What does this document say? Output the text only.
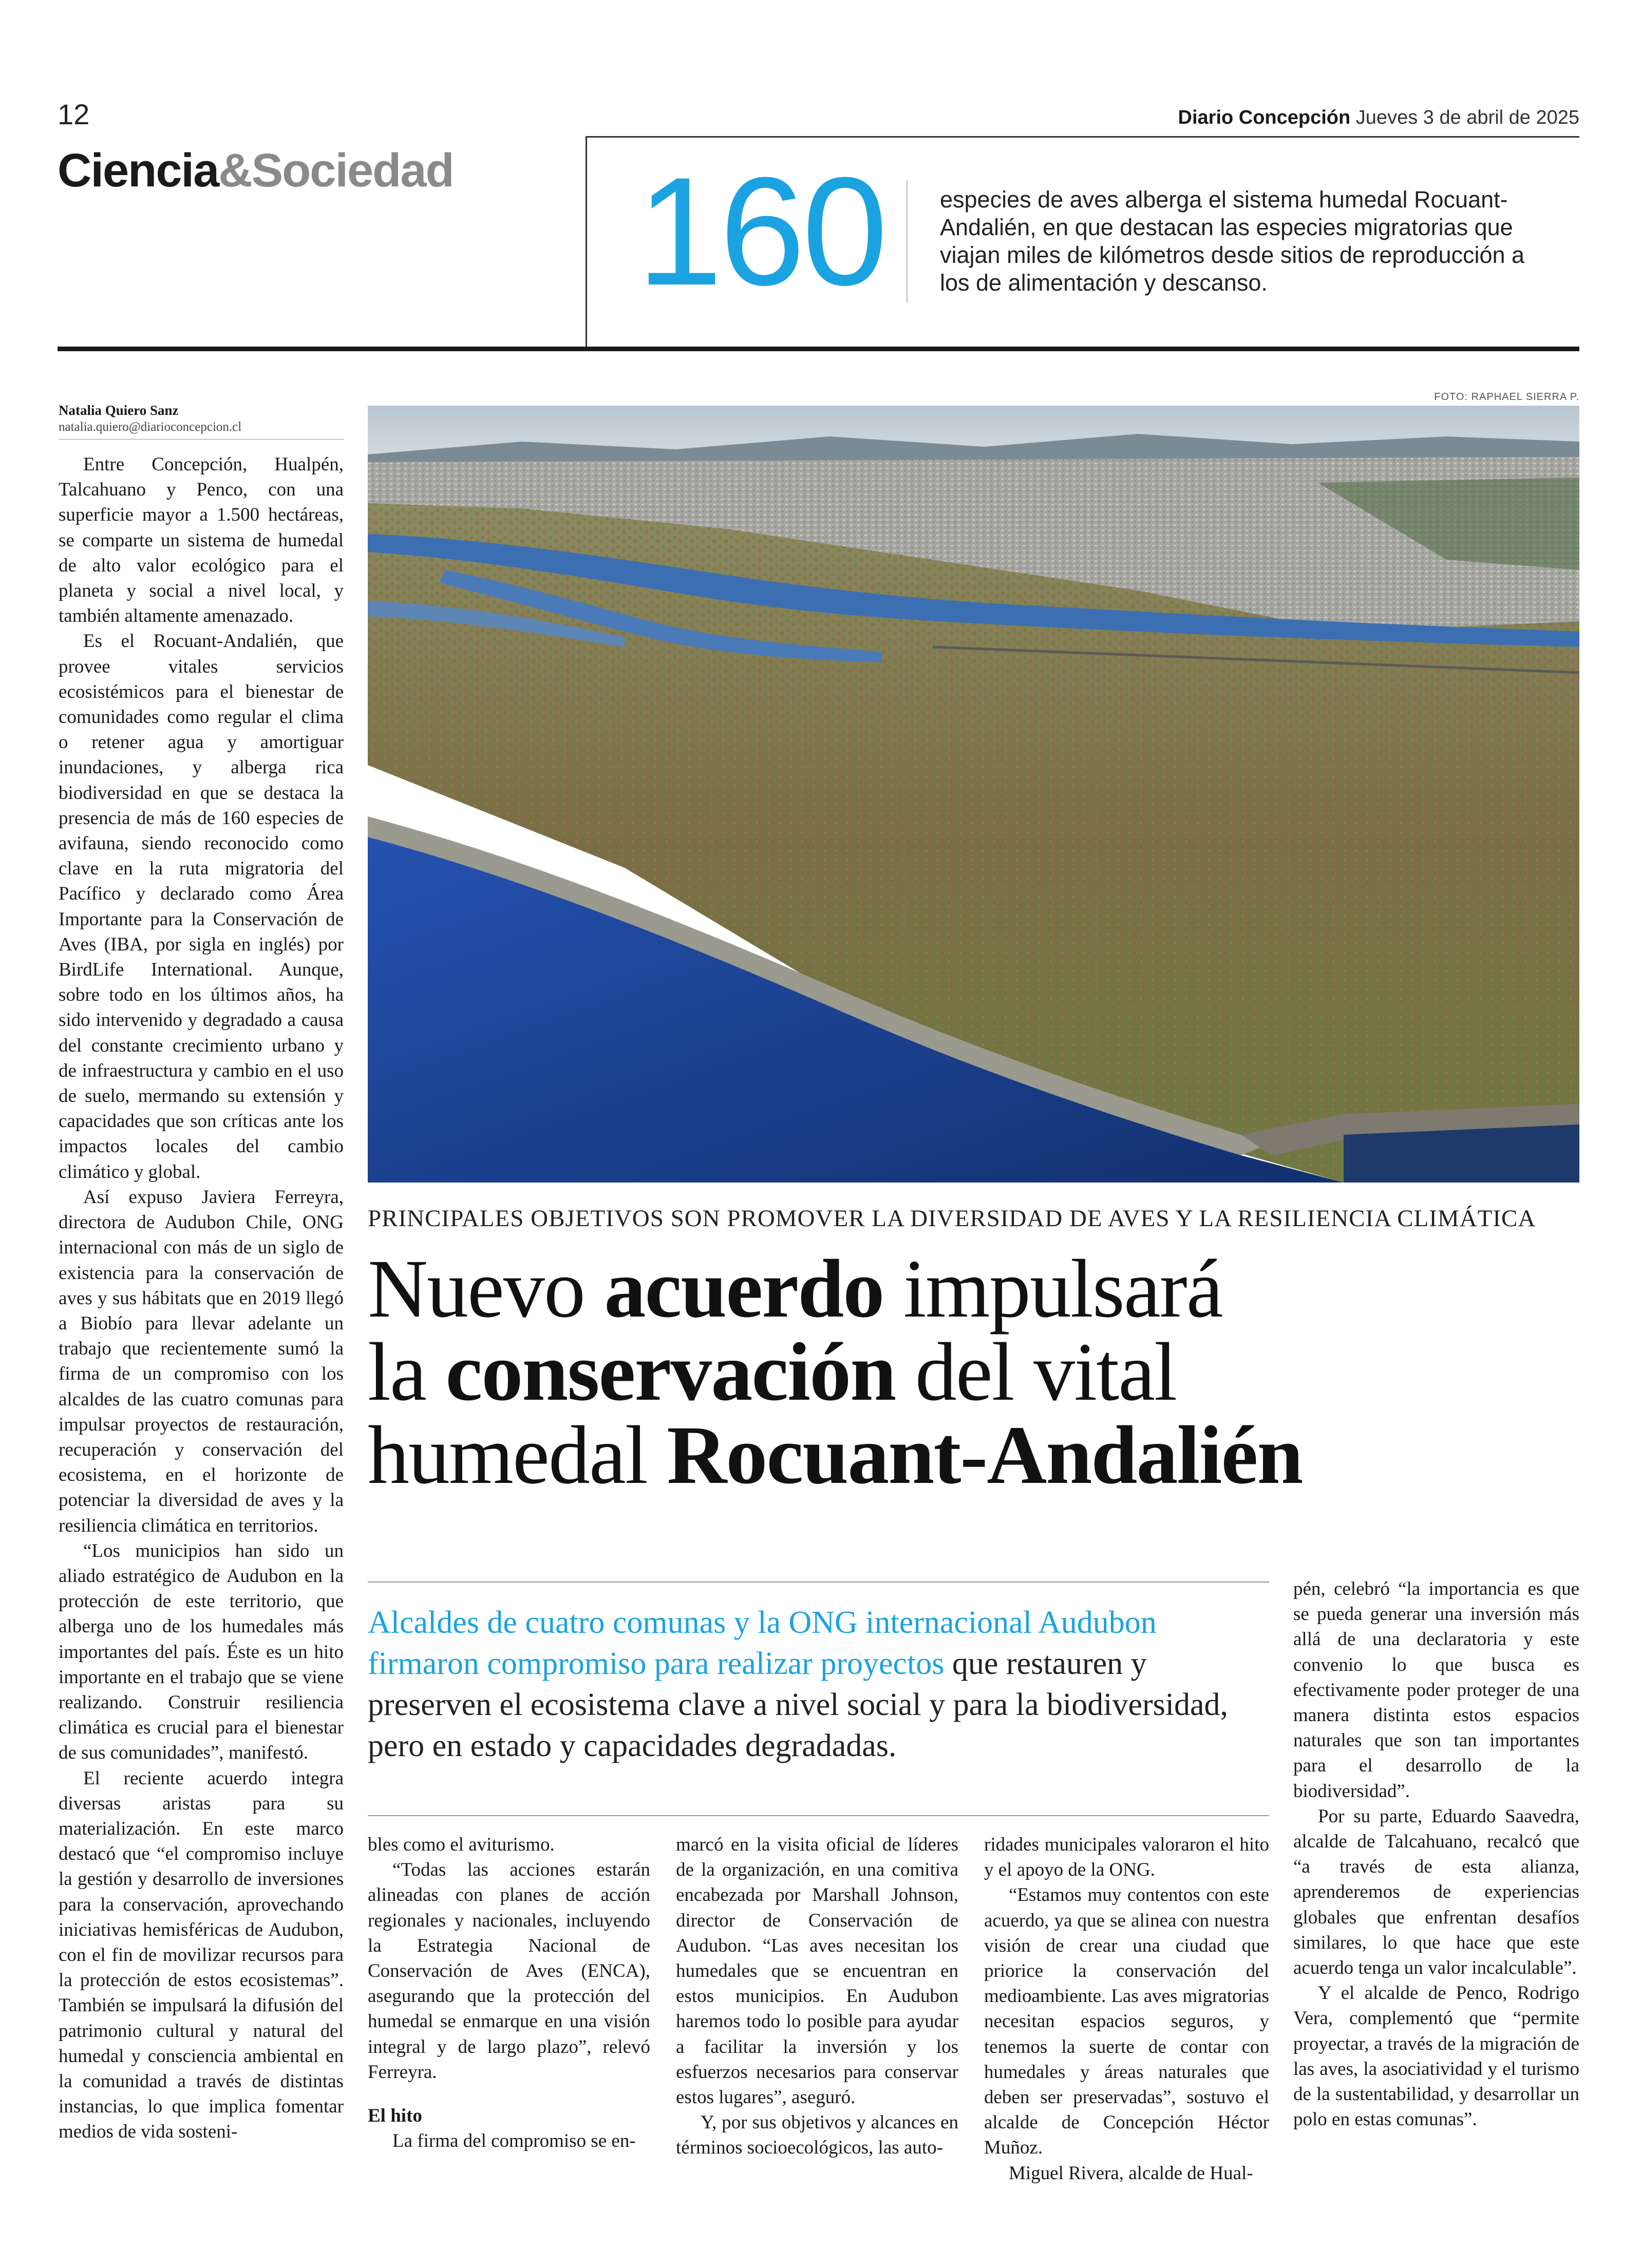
12	Diario Concepción Jueves 3 de abril de 2025
Ciencia&Sociedad 160 especies de aves alberga el sistema humedal Rocuant-Andalién, en que destacan las especies migratorias que viajan miles de kilómetros desde sitios de reproducción a los de alimentación y descanso.
Natalia Quiero Sanz
natalia.quiero@diarioconcepcion.cl

Entre Concepción, Hualpén, Talcahuano y Penco, con una superficie mayor a 1.500 hectáreas, se comparte un sistema de humedal de alto valor ecológico para el planeta y social a nivel local, y también altamente amenazado.

Es el Rocuant-Andalién, que provee vitales servicios ecosistémicos para el bienestar de comunidades como regular el clima o retener agua y amortiguar inundaciones, y alberga rica biodiversidad en que se destaca la presencia de más de 160 especies de avifauna, siendo reconocido como clave en la ruta migratoria del Pacífico y declarado como Área Importante para la Conservación de Aves (IBA, por sigla en inglés) por BirdLife International. Aunque, sobre todo en los últimos años, ha sido intervenido y degradado a causa del constante crecimiento urbano y de infraestructura y cambio en el uso de suelo, mermando su extensión y capacidades que son críticas ante los impactos locales del cambio climático y global.

Así expuso Javiera Ferreyra, directora de Audubon Chile, ONG internacional con más de un siglo de existencia para la conservación de aves y sus hábitats que en 2019 llegó a Biobío para llevar adelante un trabajo que recientemente sumó la firma de un compromiso con los alcaldes de las cuatro comunas para impulsar proyectos de restauración, recuperación y conservación del ecosistema, en el horizonte de potenciar la diversidad de aves y la resiliencia climática en territorios.

“Los municipios han sido un aliado estratégico de Audubon en la protección de este territorio, que alberga uno de los humedales más importantes del país. Éste es un hito importante en el trabajo que se viene realizando. Construir resiliencia climática es crucial para el bienestar de sus comunidades”, manifestó.

El reciente acuerdo integra diversas aristas para su materialización. En este marco destacó que “el compromiso incluye la gestión y desarrollo de inversiones para la conservación, aprovechando iniciativas hemisféricas de Audubon, con el fin de movilizar recursos para la protección de estos ecosistemas”. También se impulsará la difusión del patrimonio cultural y natural del humedal y consciencia ambiental en la comunidad a través de distintas instancias, lo que implica fomentar medios de vida sosteni-

FOTO: RAPHAEL SIERRA P.
PRINCIPALES OBJETIVOS SON PROMOVER LA DIVERSIDAD DE AVES Y LA RESILIENCIA CLIMÁTICA
Nuevo acuerdo impulsará
la conservación del vital
humedal Rocuant-Andalién
Alcaldes de cuatro comunas y la ONG internacional Audubon firmaron compromiso para realizar proyectos que restauren y preserven el ecosistema clave a nivel social y para la biodiversidad, pero en estado y capacidades degradadas.

bles como el aviturismo.

“Todas las acciones estarán alineadas con planes de acción regionales y nacionales, incluyendo la Estrategia Nacional de Conservación de Aves (ENCA), asegurando que la protección del humedal se enmarque en una visión integral y de largo plazo”, relevó Ferreyra.

El hito

La firma del compromiso se en-

marcó en la visita oficial de líderes de la organización, en una comitiva encabezada por Marshall Johnson, director de Conservación de Audubon. “Las aves necesitan los humedales que se encuentran en estos municipios. En Audubon haremos todo lo posible para ayudar a facilitar la inversión y los esfuerzos necesarios para conservar estos lugares”, aseguró.

Y, por sus objetivos y alcances en términos socioecológicos, las auto-

ridades municipales valoraron el hito y el apoyo de la ONG.

“Estamos muy contentos con este acuerdo, ya que se alinea con nuestra visión de crear una ciudad que priorice la conservación del medioambiente. Las aves migratorias necesitan espacios seguros, y tenemos la suerte de contar con humedales y áreas naturales que deben ser preservadas”, sostuvo el alcalde de Concepción Héctor Muñoz.

Miguel Rivera, alcalde de Hual-

pén, celebró “la importancia es que se pueda generar una inversión más allá de una declaratoria y este convenio lo que busca es efectivamente poder proteger de una manera distinta estos espacios naturales que son tan importantes para el desarrollo de la biodiversidad”.

Por su parte, Eduardo Saavedra, alcalde de Talcahuano, recalcó que “a través de esta alianza, aprenderemos de experiencias globales que enfrentan desafíos similares, lo que hace que este acuerdo tenga un valor incalculable”.

Y el alcalde de Penco, Rodrigo Vera, complementó que “permite proyectar, a través de la migración de las aves, la asociatividad y el turismo de la sustentabilidad, y desarrollar un polo en estas comunas”.
